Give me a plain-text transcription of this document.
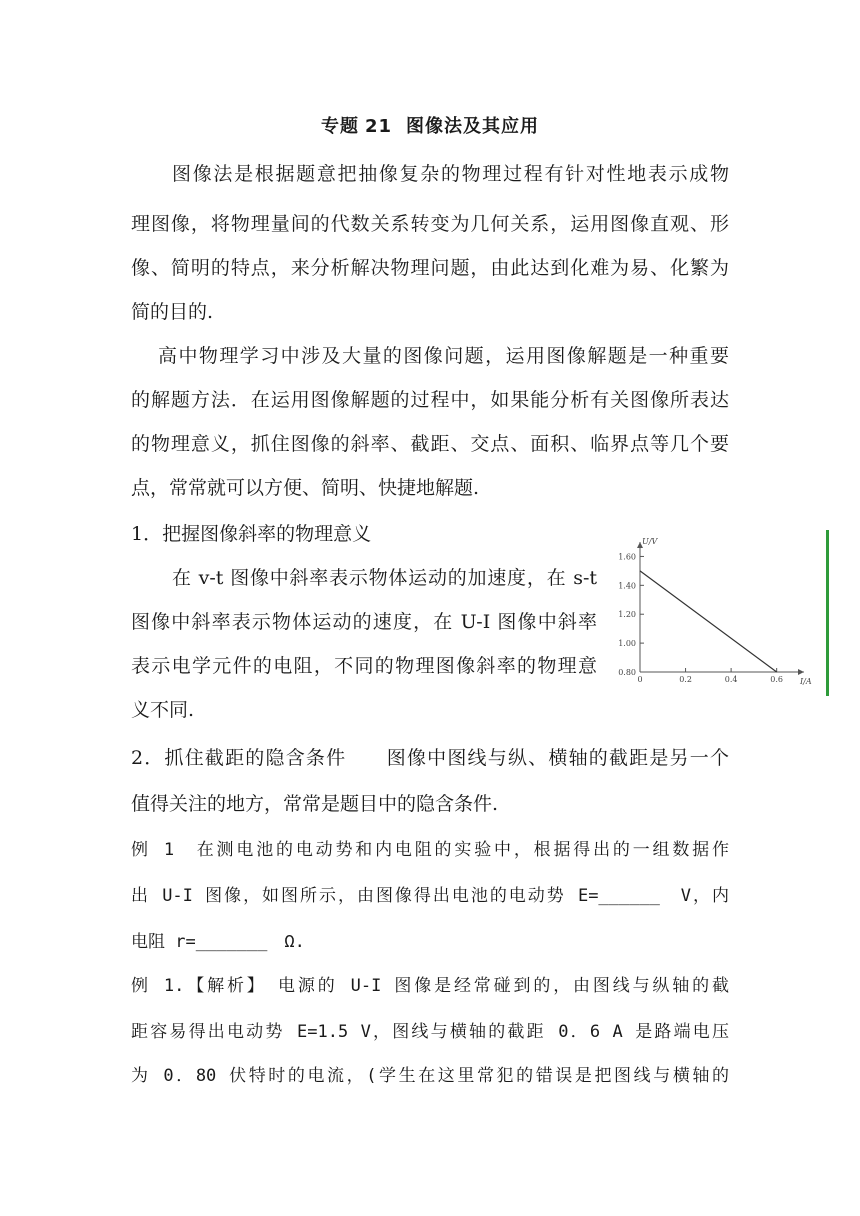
专题 21 图像法及其应用
图像法是根据题意把抽像复杂的物理过程有针对性地表示成物
理图像，将物理量间的代数关系转变为几何关系，运用图像直观、形
像、简明的特点，来分析解决物理问题，由此达到化难为易、化繁为
简的目的.
高中物理学习中涉及大量的图像问题，运用图像解题是一种重要
的解题方法．在运用图像解题的过程中，如果能分析有关图像所表达
的物理意义，抓住图像的斜率、截距、交点、面积、临界点等几个要
点，常常就可以方便、简明、快捷地解题.
1．把握图像斜率的物理意义
在 v-t 图像中斜率表示物体运动的加速度，在 s-t
图像中斜率表示物体运动的速度，在 U-I 图像中斜率
表示电学元件的电阻，不同的物理图像斜率的物理意
义不同.
1.60
1.40
1.20
1.00
0.80
0	0.2	0.4	0.6
U/V
I/A
2．抓住截距的隐含条件　　图像中图线与纵、横轴的截距是另一个
值得关注的地方，常常是题目中的隐含条件.
例 1　在测电池的电动势和内电阻的实验中，根据得出的一组数据作
出 U-I 图像，如图所示，由图像得出电池的电动势 E=______　V，内
电阻 r=_______　Ω.
例 1.【解析】　电源的 U-I 图像是经常碰到的，由图线与纵轴的截
距容易得出电动势 E=1.5 V，图线与横轴的截距 0．6 A 是路端电压
为 0．80 伏特时的电流，(学生在这里常犯的错误是把图线与横轴的
